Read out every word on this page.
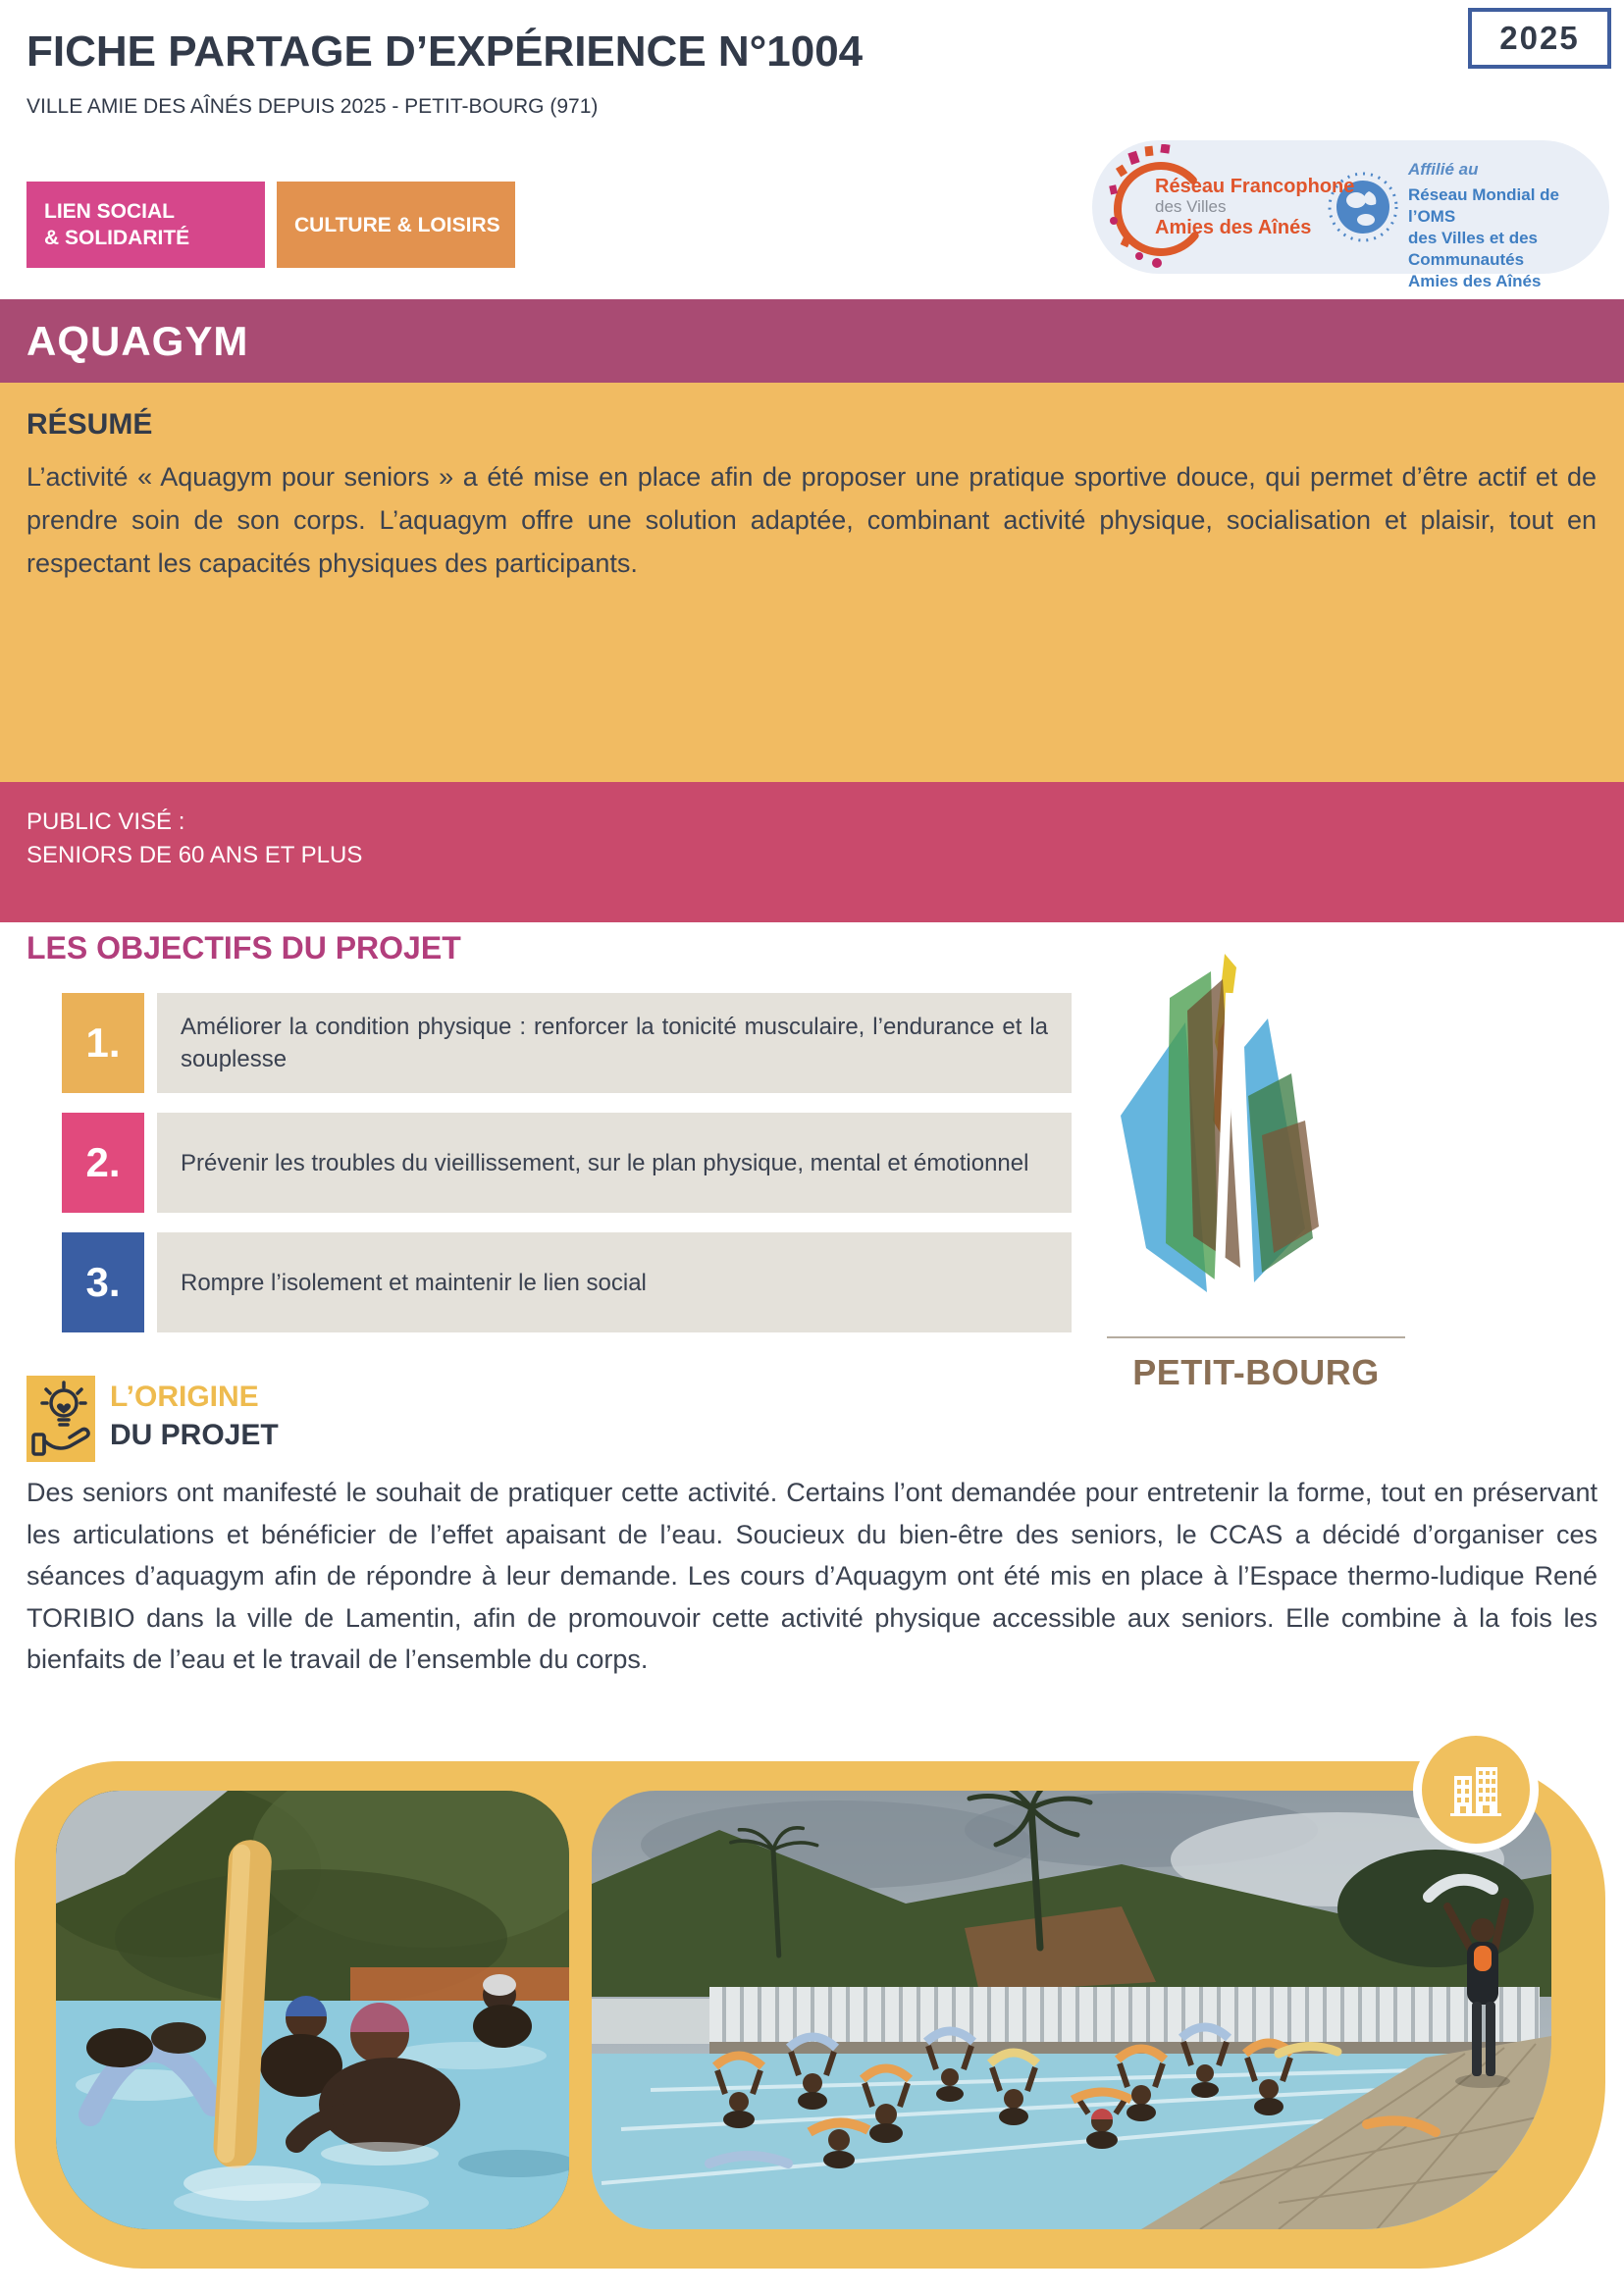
FICHE PARTAGE D’EXPÉRIENCE N°1004
VILLE AMIE DES AÎNÉS DEPUIS 2025 - PETIT-BOURG (971)
2025
LIEN SOCIAL
& SOLIDARITÉ
CULTURE & LOISIRS
Réseau Francophone
des Villes
Amies des Aînés
Affilié au
Réseau Mondial de l’OMS
des Villes et des Communautés
Amies des Aînés
AQUAGYM
RÉSUMÉ

L’activité « Aquagym pour seniors » a été mise en place afin de proposer une pratique sportive douce, qui permet d’être actif et de prendre soin de son corps. L’aquagym offre une solution adaptée, combinant activité physique, socialisation et plaisir, tout en respectant les capacités physiques des participants.

PUBLIC VISÉ :
SENIORS DE 60 ANS ET PLUS
LES OBJECTIFS DU PROJET
1.	Améliorer la condition physique : renforcer la tonicité musculaire, l’endurance et la souplesse

2.	Prévenir les troubles du vieillissement, sur le plan physique, mental et émotionnel

3.	Rompre l’isolement et maintenir le lien social

PETIT-BOURG
L’ORIGINE
DU PROJET

Des seniors ont manifesté le souhait de pratiquer cette activité. Certains l’ont demandée pour entretenir la forme, tout en préservant les articulations et bénéficier de l’effet apaisant de l’eau. Soucieux du bien-être des seniors, le CCAS a décidé d’organiser ces séances d’aquagym afin de répondre à leur demande. Les cours d’Aquagym ont été mis en place à l’Espace thermo-ludique René TORIBIO dans la ville de Lamentin, afin de promouvoir cette activité physique accessible aux seniors. Elle combine à la fois les bienfaits de l’eau et le travail de l’ensemble du corps.
